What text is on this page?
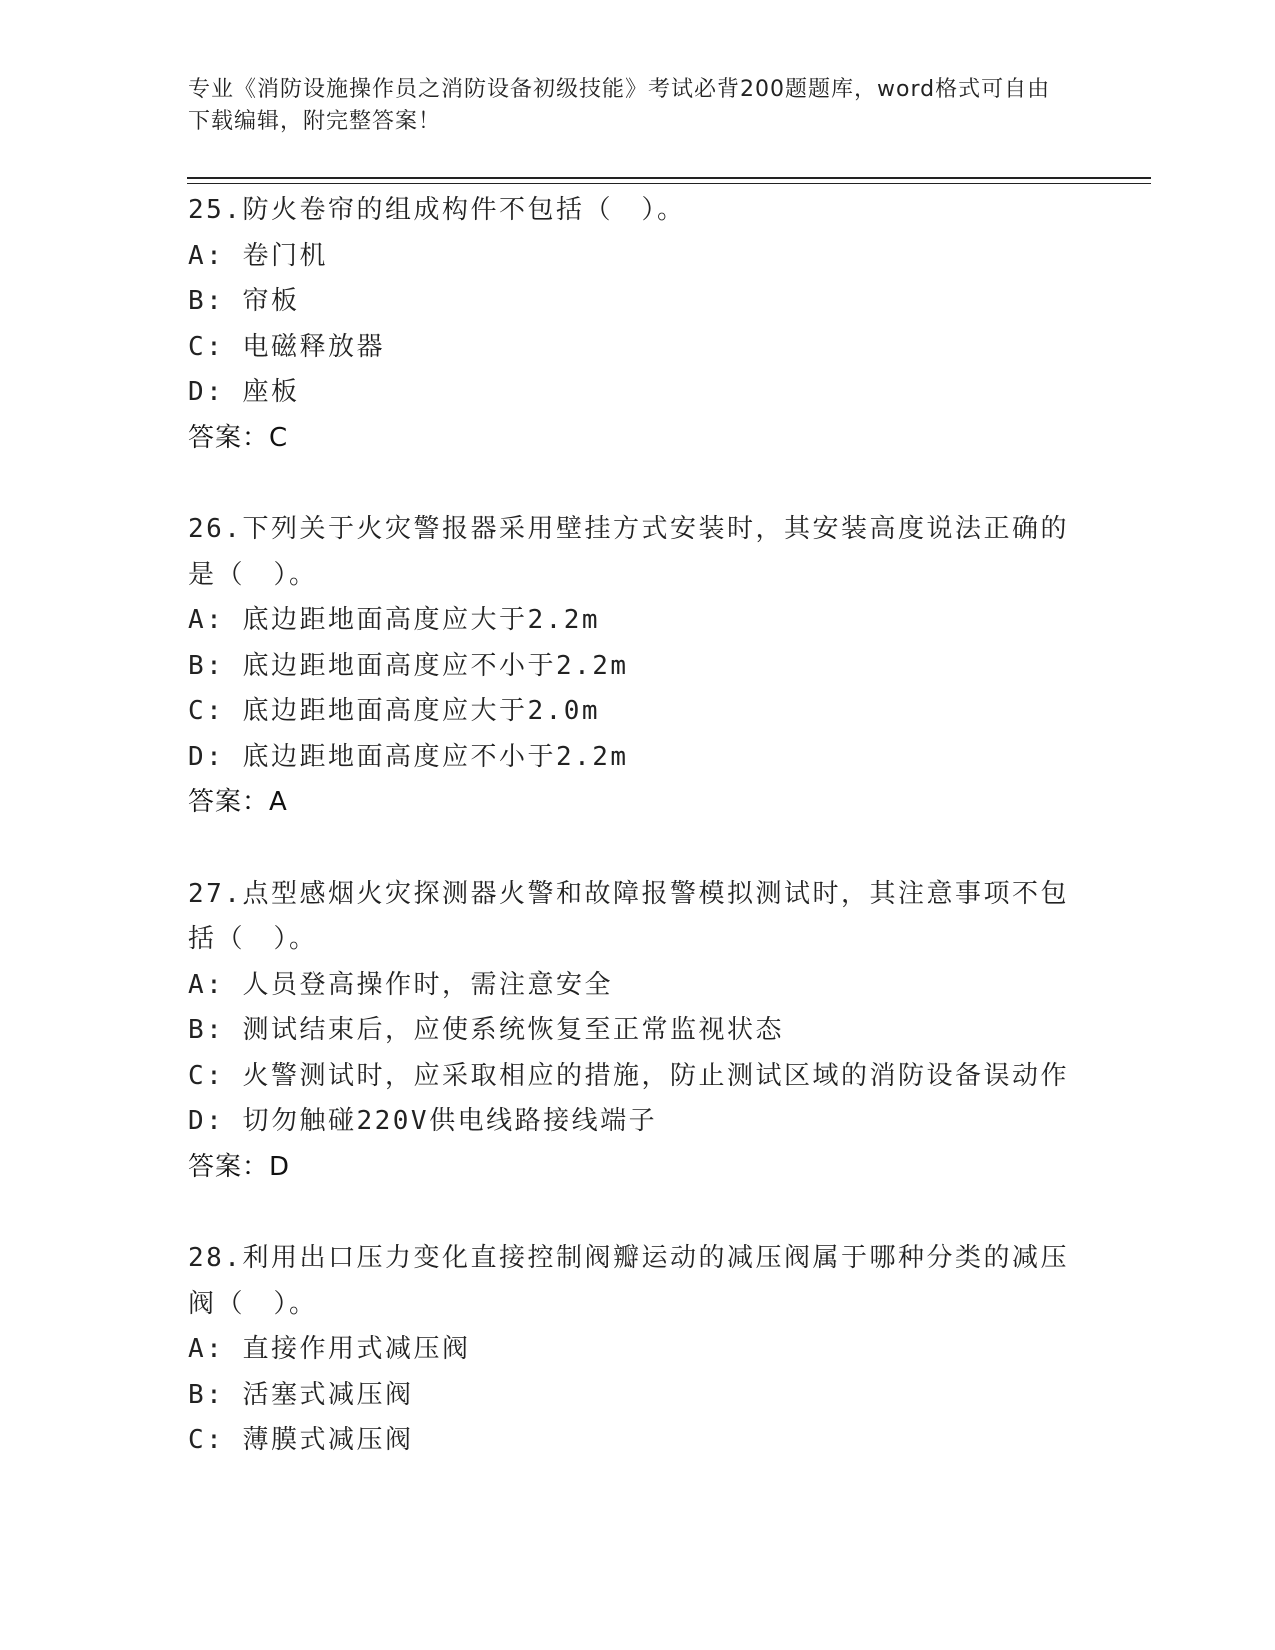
专业《消防设施操作员之消防设备初级技能》考试必背200题题库，word格式可自由下载编辑，附完整答案！
25.防火卷帘的组成构件不包括（　）。
A: 卷门机
B: 帘板
C: 电磁释放器
D: 座板
答案：C
26.下列关于火灾警报器采用壁挂方式安装时，其安装高度说法正确的是（　）。
A: 底边距地面高度应大于2.2m
B: 底边距地面高度应不小于2.2m
C: 底边距地面高度应大于2.0m
D: 底边距地面高度应不小于2.2m
答案：A
27.点型感烟火灾探测器火警和故障报警模拟测试时，其注意事项不包括（　）。
A: 人员登高操作时，需注意安全
B: 测试结束后，应使系统恢复至正常监视状态
C: 火警测试时，应采取相应的措施，防止测试区域的消防设备误动作
D: 切勿触碰220V供电线路接线端子
答案：D
28.利用出口压力变化直接控制阀瓣运动的减压阀属于哪种分类的减压阀（　）。
A: 直接作用式减压阀
B: 活塞式减压阀
C: 薄膜式减压阀
